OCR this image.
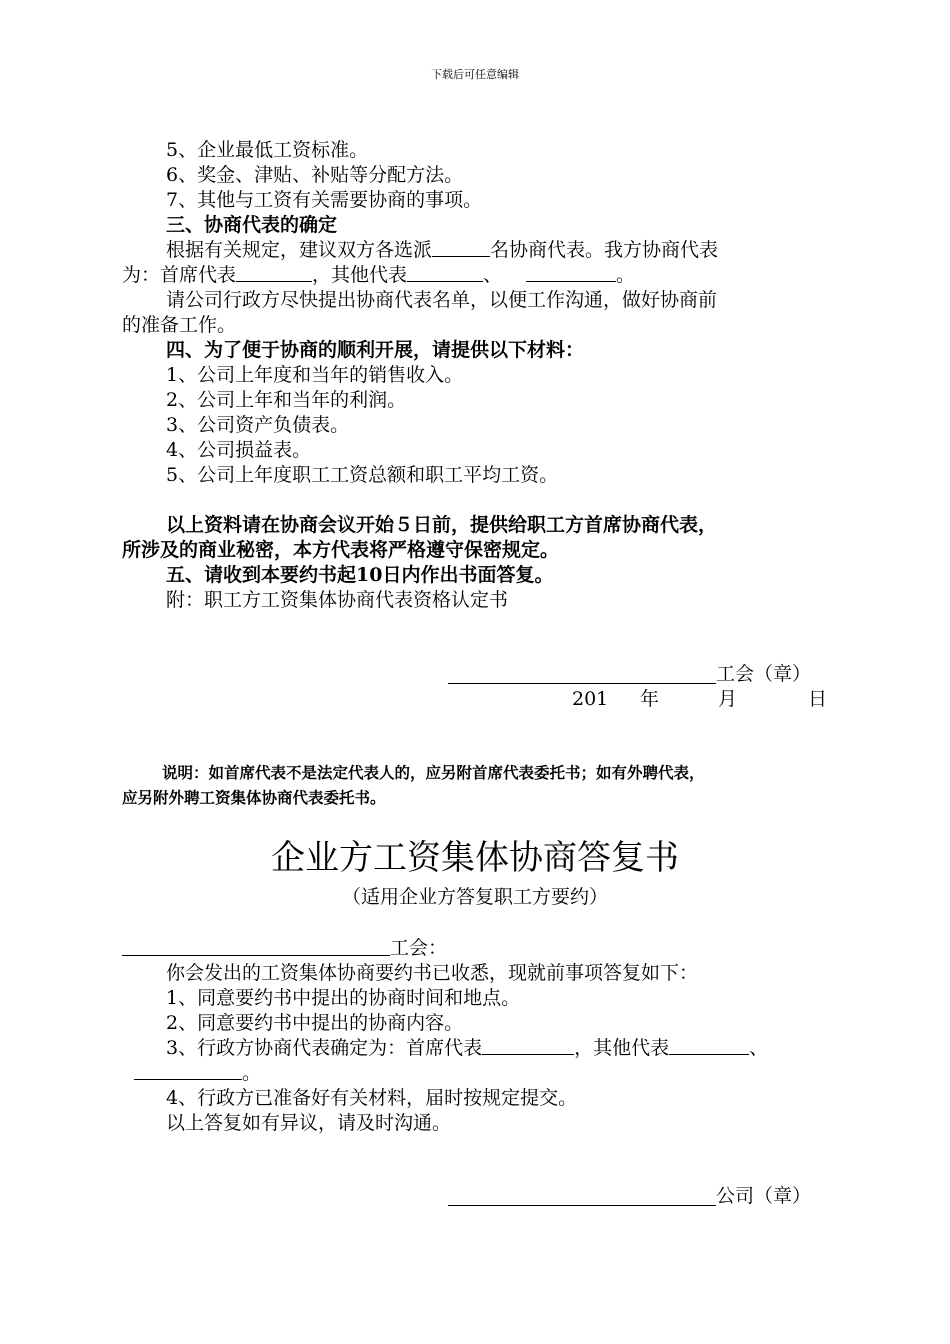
下载后可任意编辑
5、企业最低工资标准。
6、奖金、津贴、补贴等分配方法。
7、其他与工资有关需要协商的事项。
三、协商代表的确定
根据有关规定，建议双方各选派	名协商代表。我方协商代表
为：首席代表	，其他代表	、	。
请公司行政方尽快提出协商代表名单，以便工作沟通，做好协商前
的准备工作。
四、为了便于协商的顺利开展，请提供以下材料：
1、公司上年度和当年的销售收入。
2、公司上年和当年的利润。
3、公司资产负债表。
4、公司损益表。
5、公司上年度职工工资总额和职工平均工资。
以上资料请在协商会议开始５日前，提供给职工方首席协商代表，
所涉及的商业秘密，本方代表将严格遵守保密规定。
五、请收到本要约书起10日内作出书面答复。
附：职工方工资集体协商代表资格认定书
工会（章）
201 年	月	日
说明：如首席代表不是法定代表人的，应另附首席代表委托书；如有外聘代表，
应另附外聘工资集体协商代表委托书。
企业方工资集体协商答复书
（适用企业方答复职工方要约）
工会：
你会发出的工资集体协商要约书已收悉，现就前事项答复如下：
1、同意要约书中提出的协商时间和地点。
2、同意要约书中提出的协商内容。
3、行政方协商代表确定为：首席代表	，其他代表	、
。
4、行政方已准备好有关材料，届时按规定提交。
以上答复如有异议，请及时沟通。
公司（章）
